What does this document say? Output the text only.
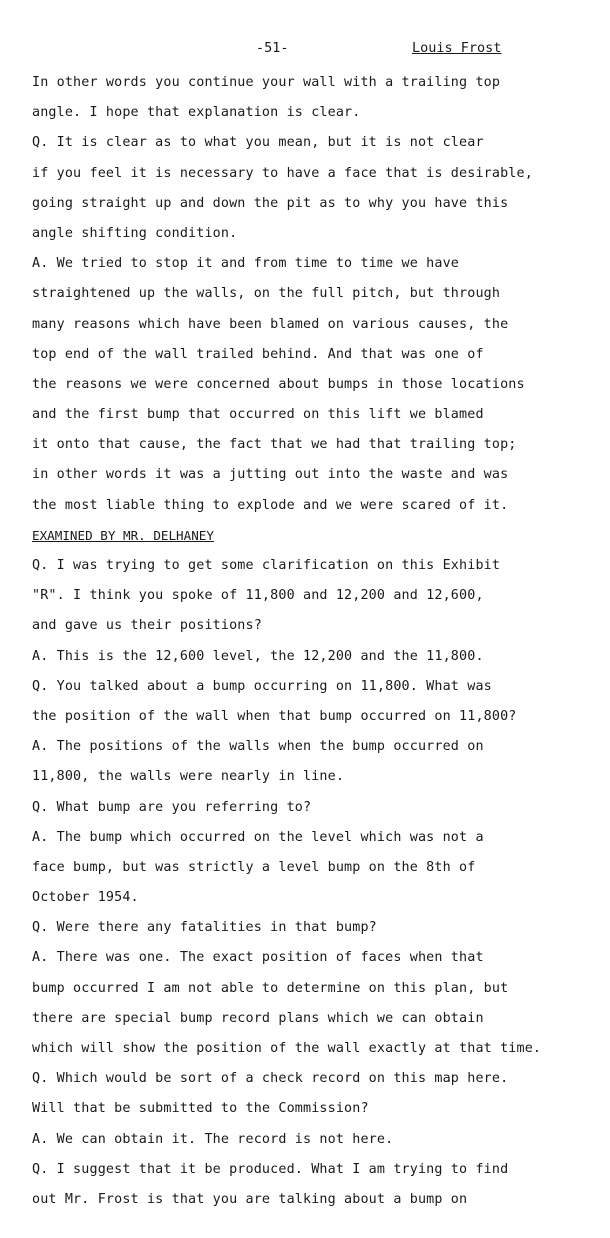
-51-	Louis Frost
In other words you continue your wall with a trailing top
angle. I hope that explanation is clear.
Q. It is clear as to what you mean, but it is not clear
if you feel it is necessary to have a face that is desirable,
going straight up and down the pit as to why you have this
angle shifting condition.
A. We tried to stop it and from time to time we have
straightened up the walls, on the full pitch, but through
many reasons which have been blamed on various causes, the
top end of the wall trailed behind. And that was one of
the reasons we were concerned about bumps in those locations
and the first bump that occurred on this lift we blamed
it onto that cause, the fact that we had that trailing top;
in other words it was a jutting out into the waste and was
the most liable thing to explode and we were scared of it.
EXAMINED BY MR. DELHANEY
Q. I was trying to get some clarification on this Exhibit
"R". I think you spoke of 11,800 and 12,200 and 12,600,
and gave us their positions?
A. This is the 12,600 level, the 12,200 and the 11,800.
Q. You talked about a bump occurring on 11,800. What was
the position of the wall when that bump occurred on 11,800?
A. The positions of the walls when the bump occurred on
11,800, the walls were nearly in line.
Q. What bump are you referring to?
A. The bump which occurred on the level which was not a
face bump, but was strictly a level bump on the 8th of
October 1954.
Q. Were there any fatalities in that bump?
A. There was one. The exact position of faces when that
bump occurred I am not able to determine on this plan, but
there are special bump record plans which we can obtain
which will show the position of the wall exactly at that time.
Q. Which would be sort of a check record on this map here.
Will that be submitted to the Commission?
A. We can obtain it. The record is not here.
Q. I suggest that it be produced. What I am trying to find
out Mr. Frost is that you are talking about a bump on
